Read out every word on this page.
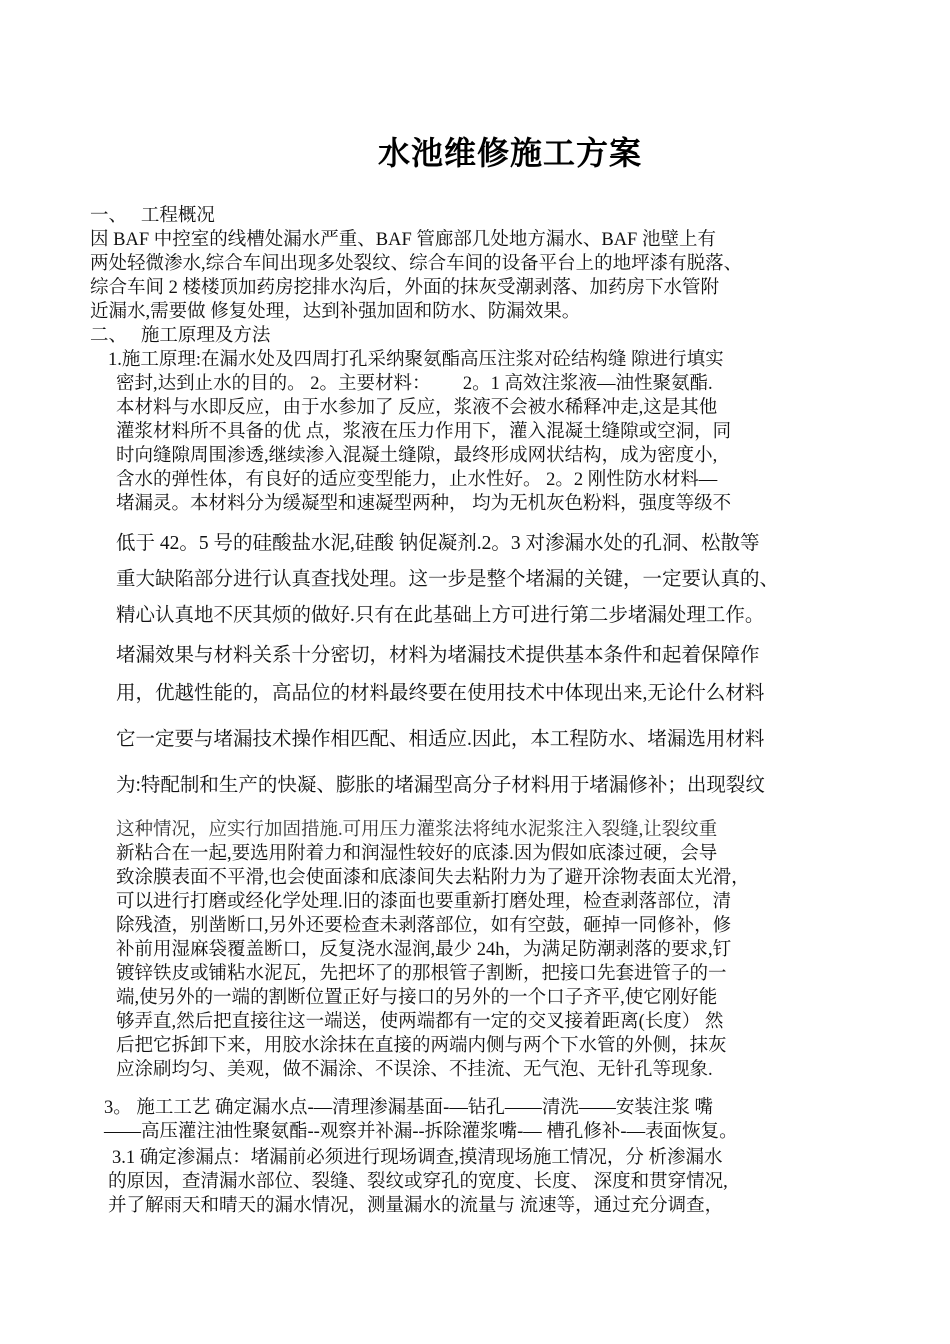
水池维修施工方案
一、　 工程概况
因 BAF 中控室的线槽处漏水严重、BAF 管廊部几处地方漏水、BAF 池壁上有
两处轻微渗水,综合车间出现多处裂纹、综合车间的设备平台上的地坪漆有脱落、
综合车间 2 楼楼顶加药房挖排水沟后，外面的抹灰受潮剥落、加药房下水管附
近漏水,需要做 修复处理，达到补强加固和防水、防漏效果。
二、　 施工原理及方法
1.施工原理:在漏水处及四周打孔采纳聚氨酯高压注浆对砼结构缝 隙进行填实
密封,达到止水的目的。 2。主要材料：　　 2。1 高效注浆液—油性聚氨酯.
本材料与水即反应，由于水参加了 反应，浆液不会被水稀释冲走,这是其他
灌浆材料所不具备的优 点，浆液在压力作用下，灌入混凝土缝隙或空洞，同
时向缝隙周围渗透,继续渗入混凝土缝隙，最终形成网状结构，成为密度小,
含水的弹性体，有良好的适应变型能力，止水性好。 2。2 刚性防水材料—
堵漏灵。本材料分为缓凝型和速凝型两种， 均为无机灰色粉料，强度等级不
低于 42。5 号的硅酸盐水泥,硅酸 钠促凝剂.2。3 对渗漏水处的孔洞、松散等
重大缺陷部分进行认真查找处理。这一步是整个堵漏的关键，一定要认真的、
精心认真地不厌其烦的做好.只有在此基础上方可进行第二步堵漏处理工作。
堵漏效果与材料关系十分密切，材料为堵漏技术提供基本条件和起着保障作
用，优越性能的，高品位的材料最终要在使用技术中体现出来,无论什么材料
它一定要与堵漏技术操作相匹配、相适应.因此，本工程防水、堵漏选用材料
为:特配制和生产的快凝、膨胀的堵漏型高分子材料用于堵漏修补；出现裂纹
这种情况，应实行加固措施.可用压力灌浆法将纯水泥浆注入裂缝,让裂纹重
新粘合在一起,要选用附着力和润湿性较好的底漆.因为假如底漆过硬，会导
致涂膜表面不平滑,也会使面漆和底漆间失去粘附力为了避开涂物表面太光滑，
可以进行打磨或经化学处理.旧的漆面也要重新打磨处理，检查剥落部位，清
除残渣，别凿断口,另外还要检查未剥落部位，如有空鼓，砸掉一同修补，修
补前用湿麻袋覆盖断口，反复浇水湿润,最少 24h，为满足防潮剥落的要求,钉
镀锌铁皮或铺粘水泥瓦，先把坏了的那根管子割断，把接口先套进管子的一
端,使另外的一端的割断位置正好与接口的另外的一个口子齐平,使它刚好能
够弄直,然后把直接往这一端送，使两端都有一定的交叉接着距离(长度） 然
后把它拆卸下来，用胶水涂抹在直接的两端内侧与两个下水管的外侧，抹灰
应涂刷均匀、美观，做不漏涂、不误涂、不挂流、无气泡、无针孔等现象.
3。 施工工艺 确定漏水点-—清理渗漏基面-—钻孔——清洗——安装注浆 嘴
——高压灌注油性聚氨酯--观察并补漏--拆除灌浆嘴-— 槽孔修补-—表面恢复。
3.1 确定渗漏点：堵漏前必须进行现场调查,摸清现场施工情况，分 析渗漏水
的原因，查清漏水部位、裂缝、裂纹或穿孔的宽度、长度、 深度和贯穿情况,
并了解雨天和晴天的漏水情况，测量漏水的流量与 流速等，通过充分调查，
